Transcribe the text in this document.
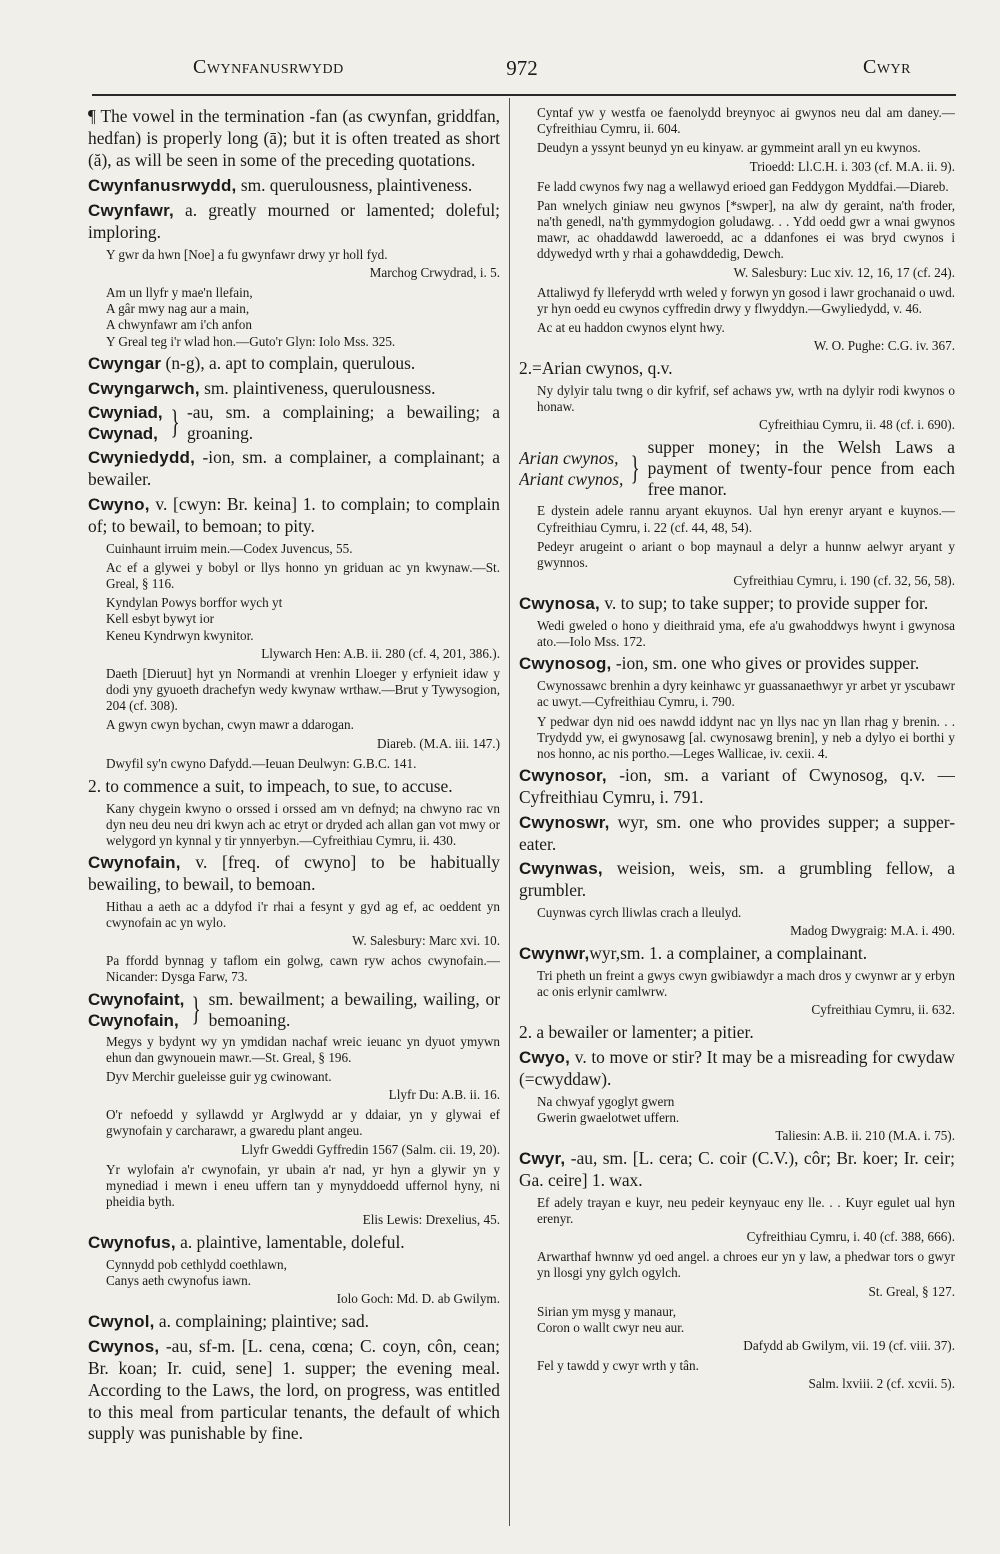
Cwynfanusrwydd	972	Cwyr
¶ The vowel in the termination -fan (as cwynfan, griddfan, hedfan) is properly long (ā); but it is often treated as short (ă), as will be seen in some of the preceding quotations.
Cwynfanusrwydd, sm. querulousness, plaintiveness.
Cwynfawr, a. greatly mourned or lamented; doleful; imploring.
Y gwr da hwn [Noe] a fu gwynfawr drwy yr holl fyd.
Marchog Crwydrad, i. 5.
Am un llyfr y mae'n llefain,
A gâr mwy nag aur a main,
A chwynfawr am i'ch anfon
Y Greal teg i'r wlad hon.—Guto'r Glyn: Iolo Mss. 325.
Cwyngar (n-g), a. apt to complain, querulous.
Cwyngarwch, sm. plaintiveness, querulousness.
Cwyniad,
Cwynad, } -au, sm. a complaining; a bewailing; a groaning.
Cwyniedydd, -ion, sm. a complainer, a complainant; a bewailer.
Cwyno, v. [cwyn: Br. keina] 1. to complain; to complain of; to bewail, to bemoan; to pity.
Cuinhaunt irruim mein.—Codex Juvencus, 55.
Ac ef a glywei y bobyl or llys honno yn griduan ac yn kwynaw.—St. Greal, § 116.
Kyndylan Powys borffor wych yt
Kell esbyt bywyt ior
Keneu Kyndrwyn kwynitor.
Llywarch Hen: A.B. ii. 280 (cf. 4, 201, 386.).
Daeth [Dieruut] hyt yn Normandi at vrenhin Lloeger y erfynieit idaw y dodi yny gyuoeth drachefyn wedy kwynaw wrthaw.—Brut y Tywysogion, 204 (cf. 308).
A gwyn cwyn bychan, cwyn mawr a ddarogan.
Diareb. (M.A. iii. 147.)
Dwyfil sy'n cwyno Dafydd.—Ieuan Deulwyn: G.B.C. 141.
2. to commence a suit, to impeach, to sue, to accuse.
Kany chygein kwyno o orssed i orssed am vn defnyd; na chwyno rac vn dyn neu deu neu dri kwyn ach ac etryt or dryded ach allan gan vot mwy or welygord yn kynnal y tir ynnyerbyn.—Cyfreithiau Cymru, ii. 430.
Cwynofain, v. [freq. of cwyno] to be habitually bewailing, to bewail, to bemoan.
Hithau a aeth ac a ddyfod i'r rhai a fesynt y gyd ag ef, ac oeddent yn cwynofain ac yn wylo.
W. Salesbury: Marc xvi. 10.
Pa ffordd bynnag y taflom ein golwg, cawn ryw achos cwynofain.—Nicander: Dysga Farw, 73.
Cwynofaint,
Cwynofain, } sm. bewailment; a bewailing, wailing, or bemoaning.
Megys y bydynt wy yn ymdidan nachaf wreic ieuanc yn dyuot ymywn ehun dan gwynouein mawr.—St. Greal, § 196.
Dyv Merchir gueleisse guir yg cwinowant.
Llyfr Du: A.B. ii. 16.
O'r nefoedd y syllawdd yr Arglwydd ar y ddaiar, yn y glywai ef gwynofain y carcharawr, a gwaredu plant angeu.
Llyfr Gweddi Gyffredin 1567 (Salm. cii. 19, 20).
Yr wylofain a'r cwynofain, yr ubain a'r nad, yr hyn a glywir yn y mynediad i mewn i eneu uffern tan y mynyddoedd uffernol hyny, ni pheidia byth.
Elis Lewis: Drexelius, 45.
Cwynofus, a. plaintive, lamentable, doleful.
Cynnydd pob cethlydd coethlawn,
Canys aeth cwynofus iawn.
Iolo Goch: Md. D. ab Gwilym.
Cwynol, a. complaining; plaintive; sad.
Cwynos, -au, sf-m. [L. cena, cœna; C. coyn, côn, cean; Br. koan; Ir. cuid, sene] 1. supper; the evening meal. According to the Laws, the lord, on progress, was entitled to this meal from particular tenants, the default of which supply was punishable by fine.
Cyntaf yw y westfa oe faenolydd breynyoc ai gwynos neu dal am daney.—Cyfreithiau Cymru, ii. 604.
Deudyn a yssynt beunyd yn eu kinyaw. ar gymmeint arall yn eu kwynos.
Trioedd: Ll.C.H. i. 303 (cf. M.A. ii. 9).
Fe ladd cwynos fwy nag a wellawyd erioed gan Feddygon Myddfai.—Diareb.
Pan wnelych giniaw neu gwynos [*swper], na alw dy geraint, na'th froder, na'th genedl, na'th gymmydogion goludawg. . . Ydd oedd gwr a wnai gwynos mawr, ac ohaddawdd laweroedd, ac a ddanfones ei was bryd cwynos i ddywedyd wrth y rhai a gohawddedig, Dewch.
W. Salesbury: Luc xiv. 12, 16, 17 (cf. 24).
Attaliwyd fy lleferydd wrth weled y forwyn yn gosod i lawr grochanaid o uwd. yr hyn oedd eu cwynos cyffredin drwy y flwyddyn.—Gwyliedydd, v. 46.
Ac at eu haddon cwynos elynt hwy.
W. O. Pughe: C.G. iv. 367.
2.=Arian cwynos, q.v.
Ny dylyir talu twng o dir kyfrif, sef achaws yw, wrth na dylyir rodi kwynos o honaw.
Cyfreithiau Cymru, ii. 48 (cf. i. 690).
Arian cwynos,
Ariant cwynos, }
supper money; in the Welsh Laws a payment of twenty-four pence from each free manor.
E dystein adele rannu aryant ekuynos. Ual hyn erenyr aryant e kuynos.—Cyfreithiau Cymru, i. 22 (cf. 44, 48, 54).
Pedeyr arugeint o ariant o bop maynaul a delyr a hunnw aelwyr aryant y gwynnos.
Cyfreithiau Cymru, i. 190 (cf. 32, 56, 58).
Cwynosa, v. to sup; to take supper; to provide supper for.
Wedi gweled o hono y dieithraid yma, efe a'u gwahoddwys hwynt i gwynosa ato.—Iolo Mss. 172.
Cwynosog, -ion, sm. one who gives or provides supper.
Cwynossawc brenhin a dyry keinhawc yr guassanaethwyr yr arbet yr yscubawr ac uwyt.—Cyfreithiau Cymru, i. 790.
Y pedwar dyn nid oes nawdd iddynt nac yn llys nac yn llan rhag y brenin. . . Trydydd yw, ei gwynosawg [al. cwynosawg brenin], y neb a dylyo ei borthi y nos honno, ac nis portho.—Leges Wallicae, iv. cexii. 4.
Cwynosor, -ion, sm. a variant of Cwynosog, q.v. —Cyfreithiau Cymru, i. 791.
Cwynoswr, wyr, sm. one who provides supper; a supper-eater.
Cwynwas, weision, weis, sm. a grumbling fellow, a grumbler.
Cuynwas cyrch lliwlas crach a lleulyd.
Madog Dwygraig: M.A. i. 490.
Cwynwr,wyr,sm. 1. a complainer, a complainant.
Tri pheth un freint a gwys cwyn gwibiawdyr a mach dros y cwynwr ar y erbyn ac onis erlynir camlwrw.
Cyfreithiau Cymru, ii. 632.
2. a bewailer or lamenter; a pitier.
Cwyo, v. to move or stir? It may be a misreading for cwydaw (=cwyddaw).
Na chwyaf ygoglyt gwern
Gwerin gwaelotwet uffern.
Taliesin: A.B. ii. 210 (M.A. i. 75).
Cwyr, -au, sm. [L. cera; C. coir (C.V.), côr; Br. koer; Ir. ceir; Ga. ceire] 1. wax.
Ef adely trayan e kuyr, neu pedeir keynyauc eny lle. . . Kuyr egulet ual hyn erenyr.
Cyfreithiau Cymru, i. 40 (cf. 388, 666).
Arwarthaf hwnnw yd oed angel. a chroes eur yn y law, a phedwar tors o gwyr yn llosgi yny gylch ogylch.
St. Greal, § 127.
Sirian ym mysg y manaur,
Coron o wallt cwyr neu aur.
Dafydd ab Gwilym, vii. 19 (cf. viii. 37).
Fel y tawdd y cwyr wrth y tân.
Salm. lxviii. 2 (cf. xcvii. 5).
